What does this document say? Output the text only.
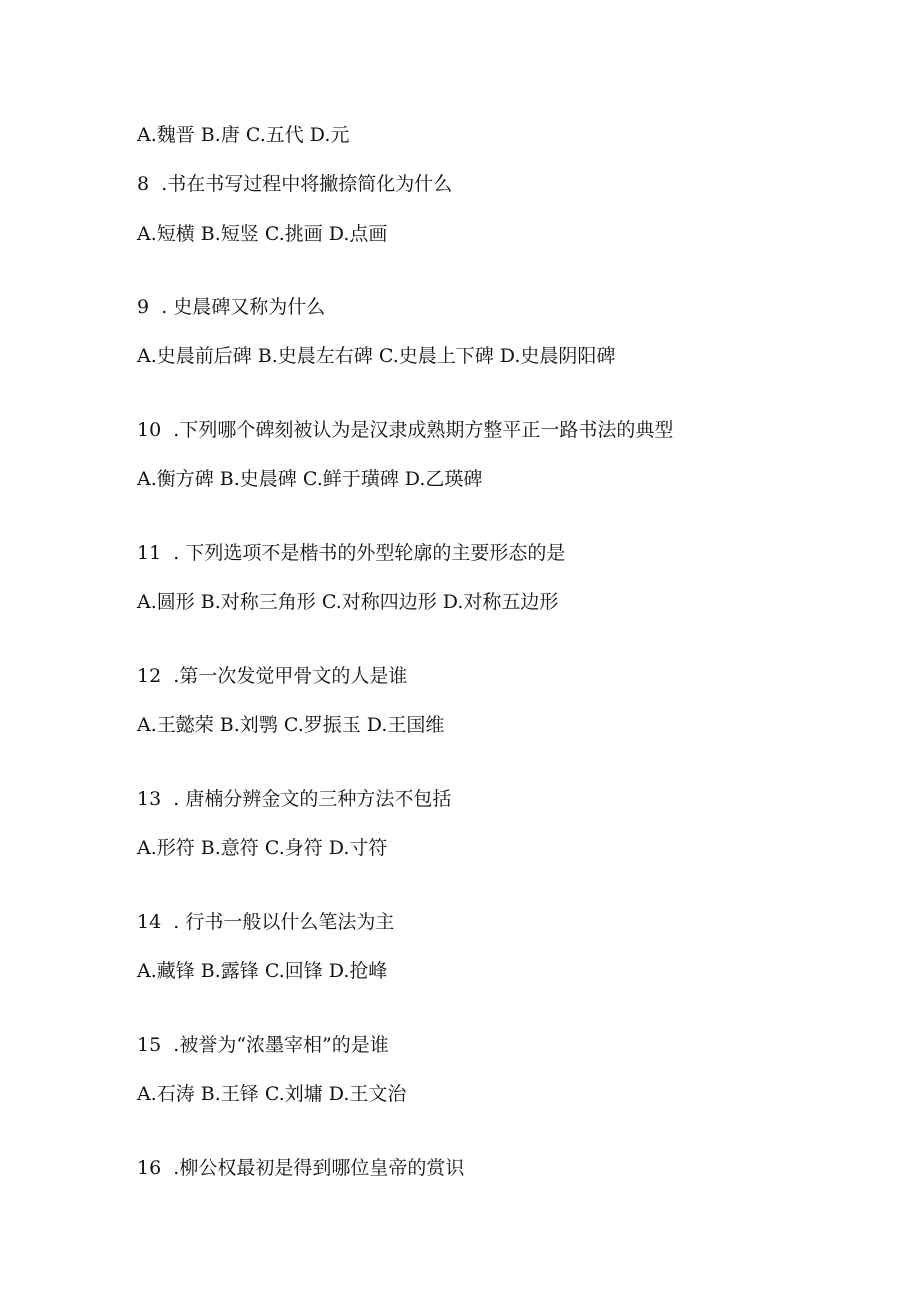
A.魏晋 B.唐 C.五代 D.元
8 .书在书写过程中将撇捺简化为什么
A.短横 B.短竖 C.挑画 D.点画
9 . 史晨碑又称为什么
A.史晨前后碑 B.史晨左右碑 C.史晨上下碑 D.史晨阴阳碑
10 .下列哪个碑刻被认为是汉隶成熟期方整平正一路书法的典型
A.衡方碑 B.史晨碑 C.鲜于璜碑 D.乙瑛碑
11 . 下列选项不是楷书的外型轮廓的主要形态的是
A.圆形 B.对称三角形 C.对称四边形 D.对称五边形
12 .第一次发觉甲骨文的人是谁
A.王懿荣 B.刘鹗 C.罗振玉 D.王国维
13 . 唐楠分辨金文的三种方法不包括
A.形符 B.意符 C.身符 D.寸符
14 . 行书一般以什么笔法为主
A.藏锋 B.露锋 C.回锋 D.抢峰
15 .被誉为“浓墨宰相”的是谁
A.石涛 B.王铎 C.刘墉 D.王文治
16 .柳公权最初是得到哪位皇帝的赏识
